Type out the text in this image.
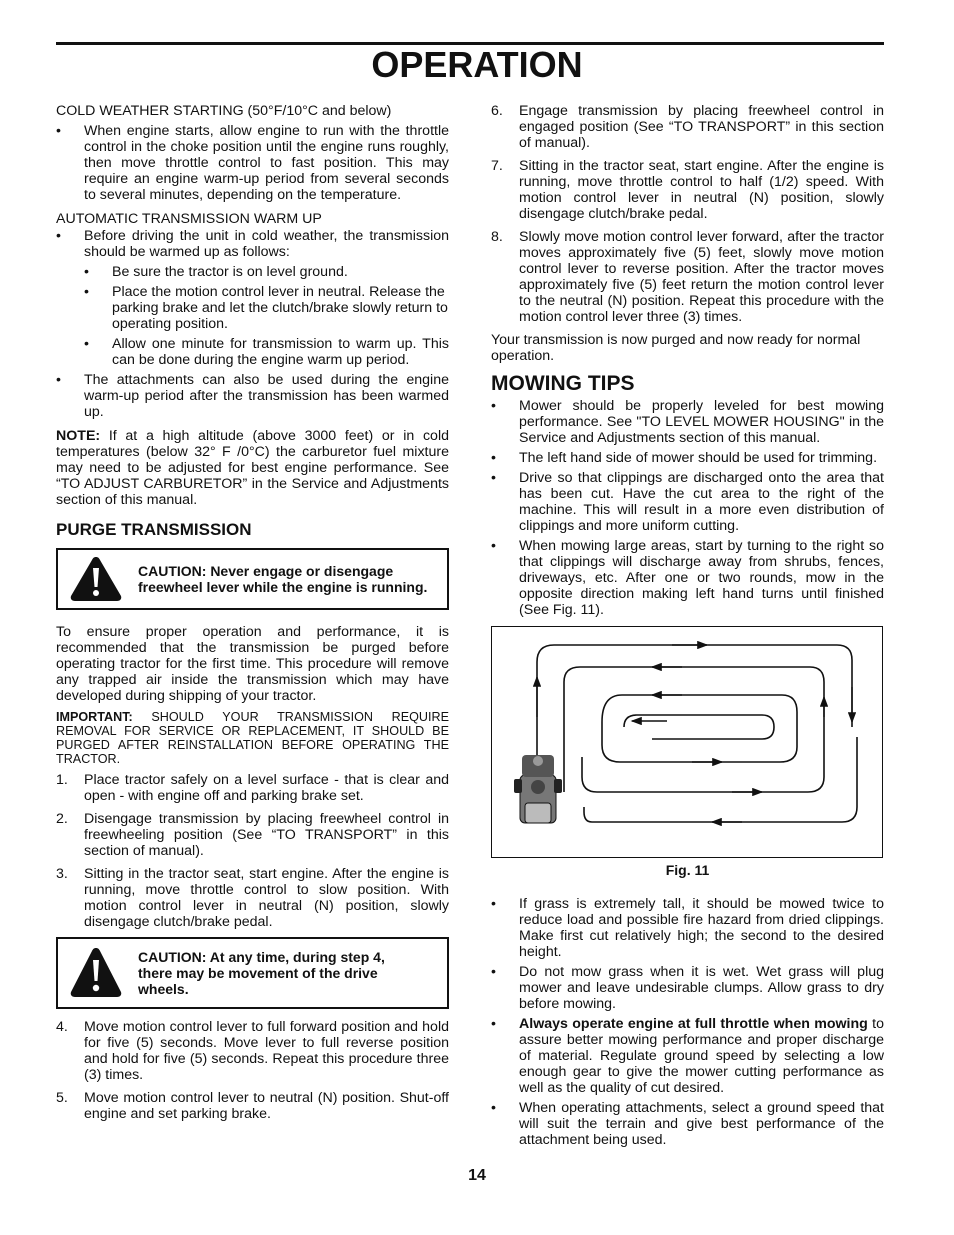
OPERATION

COLD WEATHER STARTING (50°F/10°C and below)

•	When engine starts, allow engine to run with the throttle control in the choke position until the engine runs roughly, then move throttle control to fast position. This may require an engine warm-up period from several seconds to several minutes, depending on the temperature.

AUTOMATIC TRANSMISSION WARM UP

•	Before driving the unit in cold weather, the transmission should be warmed up as follows:
•	Be sure the tractor is on level ground.
•	Place the motion control lever in neutral. Release the parking brake and let the clutch/brake slowly return to operating position.
•	Allow one minute for transmission to warm up. This can be done during the engine warm up period.
•	The attachments can also be used during the engine warm-up period after the transmission has been warmed up.

NOTE: If at a high altitude (above 3000 feet) or in cold temperatures (below 32° F /0°C) the carburetor fuel mixture may need to be adjusted for best engine performance. See “TO ADJUST CARBURETOR” in the Service and Adjustments section of this manual.

PURGE TRANSMISSION
CAUTION: Never engage or disengage freewheel lever while the engine is running.

To ensure proper operation and performance, it is recommended that the transmission be purged before operating tractor for the first time. This procedure will remove any trapped air inside the transmission which may have developed during shipping of your tractor.

IMPORTANT: SHOULD YOUR TRANSMISSION REQUIRE REMOVAL FOR SERVICE OR REPLACEMENT, IT SHOULD BE PURGED AFTER REINSTALLATION BEFORE OPERATING THE TRACTOR.

1.	Place tractor safely on a level surface - that is clear and open - with engine off and parking brake set.
2.	Disengage transmission by placing freewheel control in freewheeling position (See “TO TRANSPORT” in this section of manual).
3.	Sitting in the tractor seat, start engine. After the engine is running, move throttle control to slow position. With motion control lever in neutral (N) position, slowly disengage clutch/brake pedal.
CAUTION: At any time, during step 4, there may be movement of the drive wheels.
4.	Move motion control lever to full forward position and hold for five (5) seconds. Move lever to full reverse position and hold for five (5) seconds. Repeat this procedure three (3) times.
5.	Move motion control lever to neutral (N) position. Shut-off engine and set parking brake.
6.	Engage transmission by placing freewheel control in engaged position (See “TO TRANSPORT” in this section of manual).
7.	Sitting in the tractor seat, start engine. After the engine is running, move throttle control to half (1/2) speed. With motion control lever in neutral (N) position, slowly disengage clutch/brake pedal.
8.	Slowly move motion control lever forward, after the tractor moves approximately five (5) feet, slowly move motion control lever to reverse position. After the tractor moves approximately five (5) feet return the motion control lever to the neutral (N) position. Repeat this procedure with the motion control lever three (3) times.

Your transmission is now purged and now ready for normal operation.

MOWING TIPS
•	Mower should be properly leveled for best mowing performance. See "TO LEVEL MOWER HOUSING" in the Service and Adjustments section of this manual.
•	The left hand side of mower should be used for trimming.
•	Drive so that clippings are discharged onto the area that has been cut. Have the cut area to the right of the machine. This will result in a more even distribution of clippings and more uniform cutting.
•	When mowing large areas, start by turning to the right so that clippings will discharge away from shrubs, fences, driveways, etc. After one or two rounds, mow in the opposite direction making left hand turns until finished (See Fig. 11).
Fig. 11
•	If grass is extremely tall, it should be mowed twice to reduce load and possible fire hazard from dried clippings. Make first cut relatively high; the second to the desired height.
•	Do not mow grass when it is wet. Wet grass will plug mower and leave undesirable clumps. Allow grass to dry before mowing.
•	Always operate engine at full throttle when mowing to assure better mowing performance and proper discharge of material. Regulate ground speed by selecting a low enough gear to give the mower cutting performance as well as the quality of cut desired.
•	When operating attachments, select a ground speed that will suit the terrain and give best performance of the attachment being used.
14
